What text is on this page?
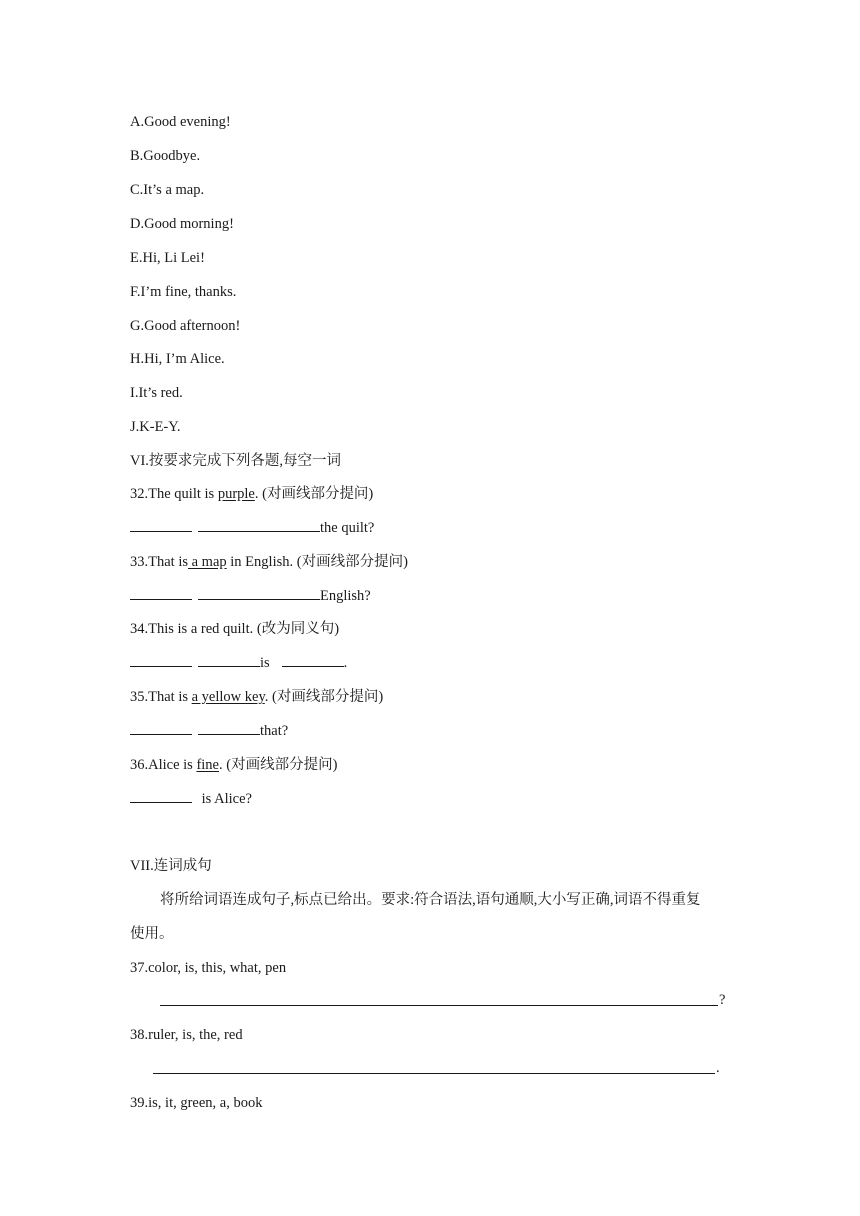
A.Good evening!
B.Goodbye.
C.It’s a map.
D.Good morning!
E.Hi, Li Lei!
F.I’m fine, thanks.
G.Good afternoon!
H.Hi, I’m Alice.
I.It’s red.
J.K-E-Y.
VI.按要求完成下列各题,每空一词
32.The quilt is purple. (对画线部分提问)
the quilt?
33.That is a map in English. (对画线部分提问)
English?
34.This is a red quilt. (改为同义句)
is	.
35.That is a yellow key. (对画线部分提问)
that?
36.Alice is fine. (对画线部分提问)
is Alice?
VII.连词成句
将所给词语连成句子,标点已给出。要求:符合语法,语句通顺,大小写正确,词语不得重复
使用。
37.color, is, this, what, pen
?
38.ruler, is, the, red
.
39.is, it, green, a, book
